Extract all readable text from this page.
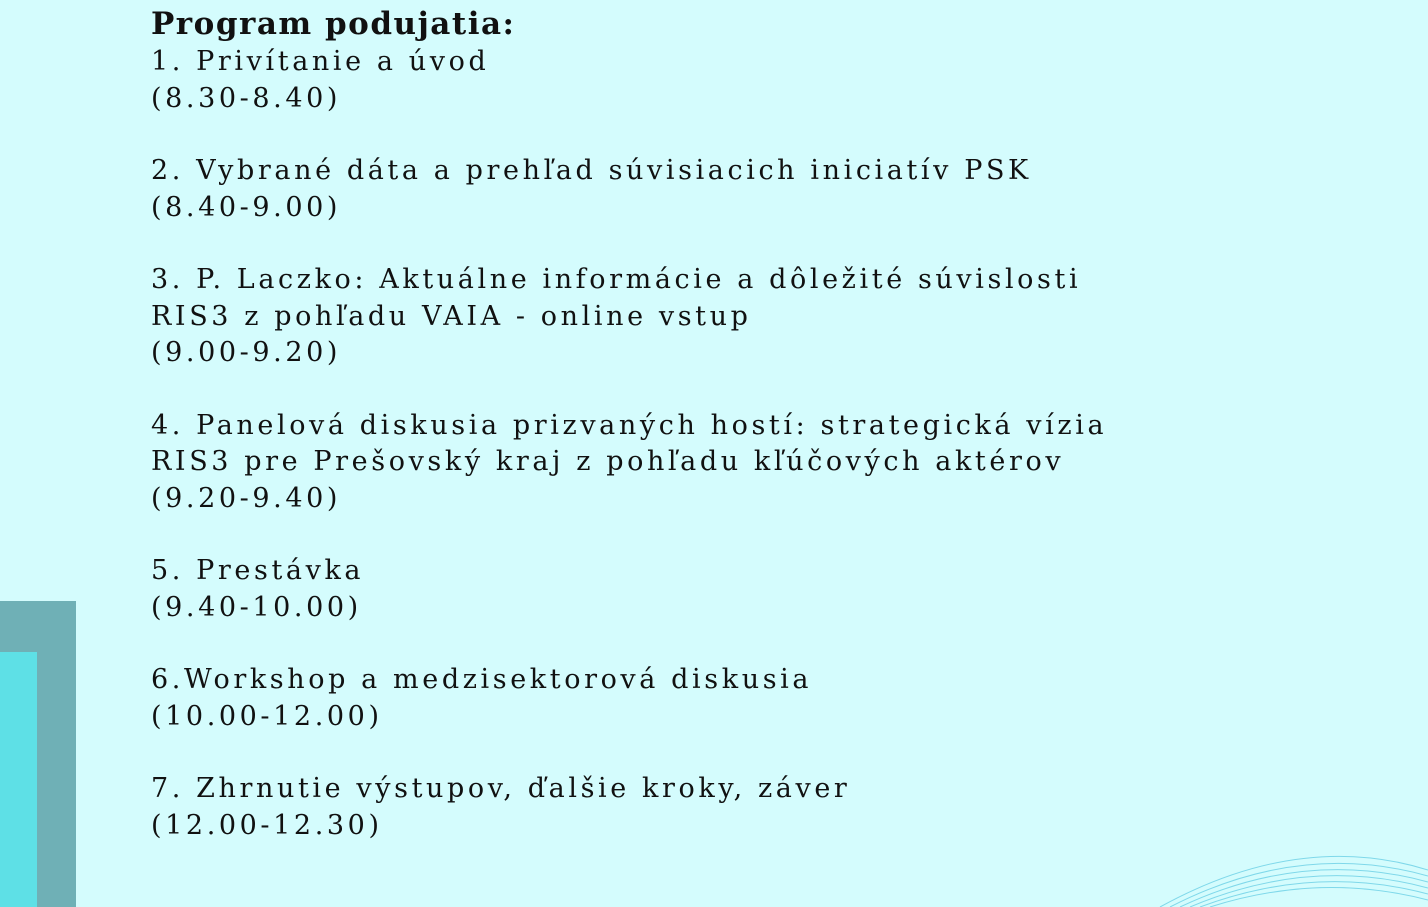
Program podujatia:
1. Privítanie a úvod
(8.30-8.40)
2. Vybrané dáta a prehľad súvisiacich iniciatív PSK
(8.40-9.00)
3. P. Laczko: Aktuálne informácie a dôležité súvislosti
RIS3 z pohľadu VAIA - online vstup
(9.00-9.20)
4. Panelová diskusia prizvaných hostí: strategická vízia
RIS3 pre Prešovský kraj z pohľadu kľúčových aktérov
(9.20-9.40)
5. Prestávka
(9.40-10.00)
6.Workshop a medzisektorová diskusia
(10.00-12.00)
7. Zhrnutie výstupov, ďalšie kroky, záver
(12.00-12.30)
